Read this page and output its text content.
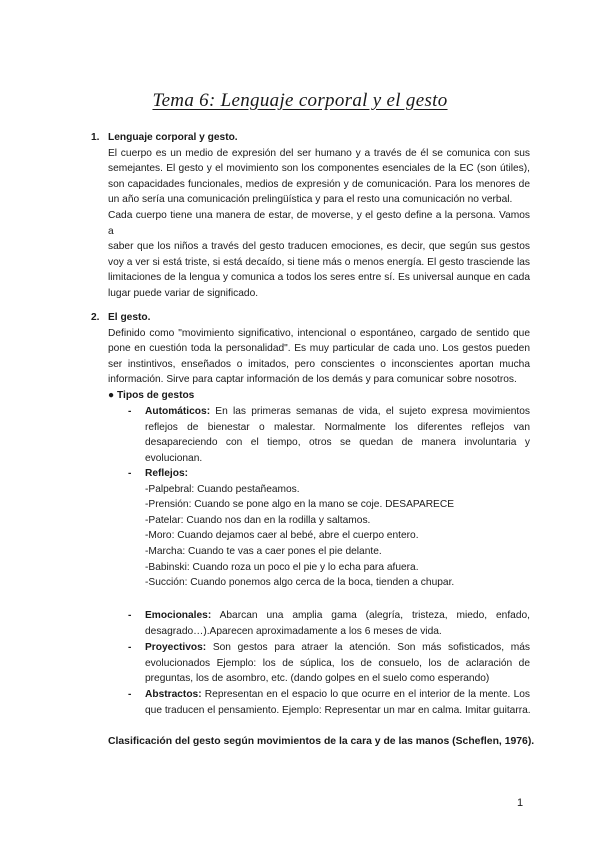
Tema 6: Lenguaje corporal y el gesto
1. Lenguaje corporal y gesto.
El cuerpo es un medio de expresión del ser humano y a través de él se comunica con sus
semejantes. El gesto y el movimiento son los componentes esenciales de la EC (son útiles),
son capacidades funcionales, medios de expresión y de comunicación. Para los menores de
un año sería una comunicación prelingüística y para el resto una comunicación no verbal.
Cada cuerpo tiene una manera de estar, de moverse, y el gesto define a la persona. Vamos a
saber que los niños a través del gesto traducen emociones, es decir, que según sus gestos
voy a ver si está triste, si está decaído, si tiene más o menos energía. El gesto trasciende las
limitaciones de la lengua y comunica a todos los seres entre sí. Es universal aunque en cada
lugar puede variar de significado.
2. El gesto.
Definido como "movimiento significativo, intencional o espontáneo, cargado de sentido que
pone en cuestión toda la personalidad". Es muy particular de cada uno. Los gestos pueden
ser instintivos, enseñados o imitados, pero conscientes o inconscientes aportan mucha
información. Sirve para captar información de los demás y para comunicar sobre nosotros.
● Tipos de gestos
- Automáticos: En las primeras semanas de vida, el sujeto expresa movimientos
reflejos de bienestar o malestar. Normalmente los diferentes reflejos van
desapareciendo con el tiempo, otros se quedan de manera involuntaria y
evolucionan.
- Reflejos:
-Palpebral: Cuando pestañeamos.
-Prensión: Cuando se pone algo en la mano se coje. DESAPARECE
-Patelar: Cuando nos dan en la rodilla y saltamos.
-Moro: Cuando dejamos caer al bebé, abre el cuerpo entero.
-Marcha: Cuando te vas a caer pones el pie delante.
-Babinski: Cuando roza un poco el pie y lo echa para afuera.
-Succión: Cuando ponemos algo cerca de la boca, tienden a chupar.
- Emocionales: Abarcan una amplia gama (alegría, tristeza, miedo, enfado,
desagrado…).Aparecen aproximadamente a los 6 meses de vida.
- Proyectivos: Son gestos para atraer la atención. Son más sofisticados, más
evolucionados Ejemplo: los de súplica, los de consuelo, los de aclaración de
preguntas, los de asombro, etc. (dando golpes en el suelo como esperando)
- Abstractos: Representan en el espacio lo que ocurre en el interior de la mente. Los
que traducen el pensamiento. Ejemplo: Representar un mar en calma. Imitar guitarra.
Clasificación del gesto según movimientos de la cara y de las manos (Scheflen, 1976).
1
